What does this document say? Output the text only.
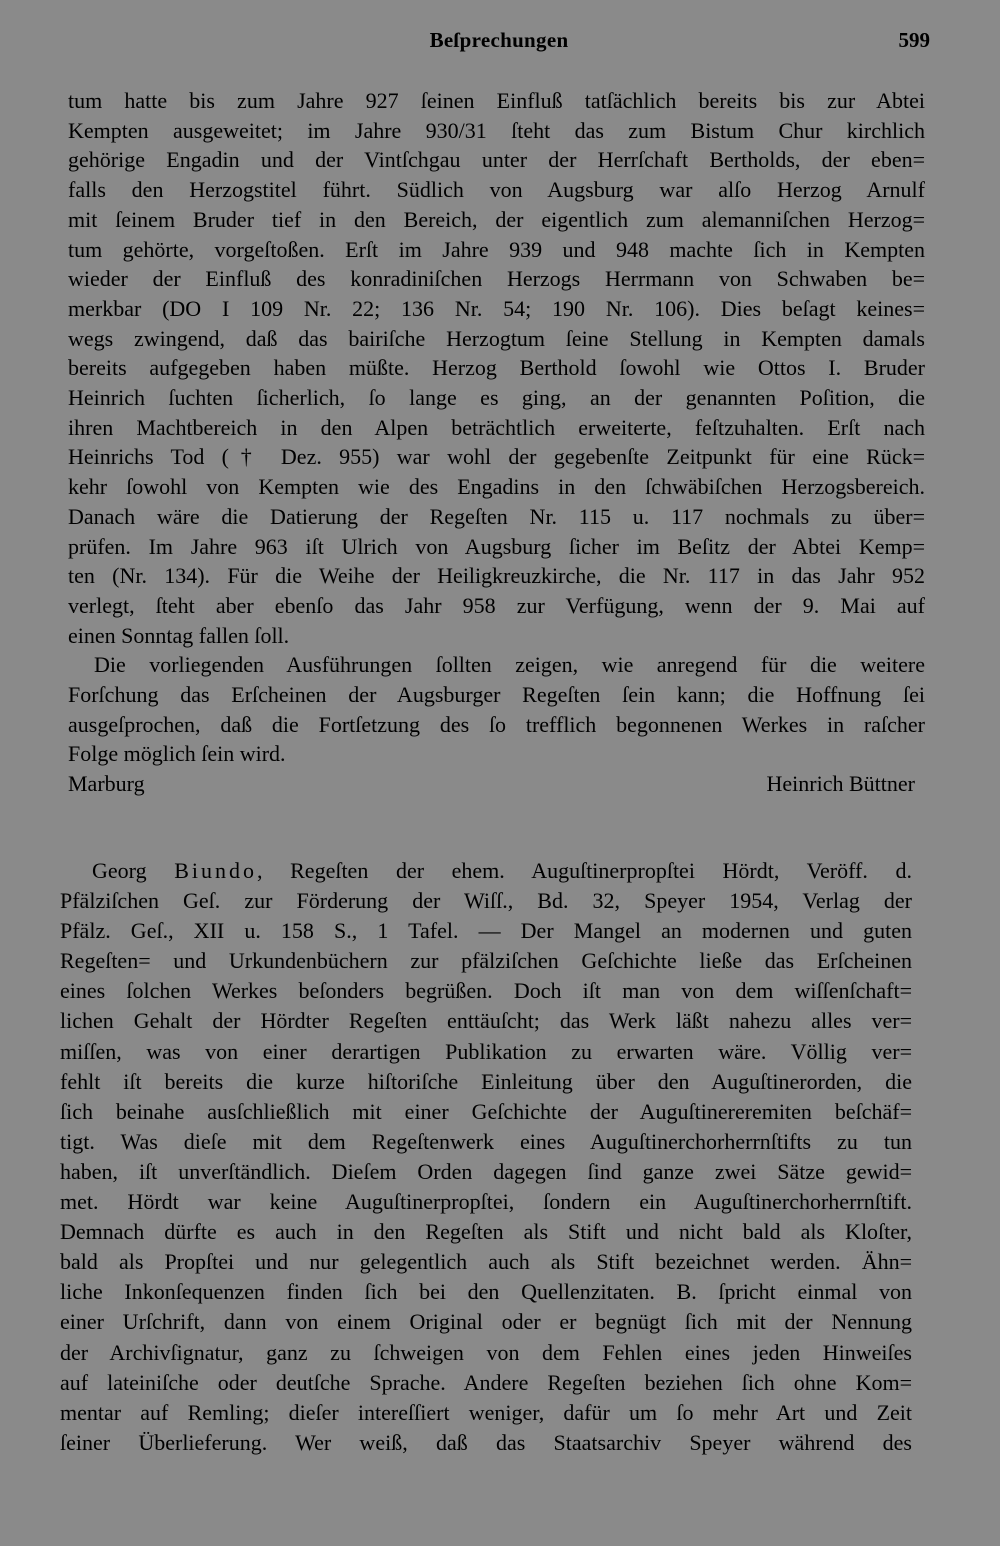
Beſprechungen	599
tum hatte bis zum Jahre 927 ſeinen Einfluß tatſächlich bereits bis zur Abtei
Kempten ausgeweitet; im Jahre 930/31 ſteht das zum Bistum Chur kirchlich
gehörige Engadin und der Vintſchgau unter der Herrſchaft Bertholds, der eben=
falls den Herzogstitel führt. Südlich von Augsburg war alſo Herzog Arnulf
mit ſeinem Bruder tief in den Bereich, der eigentlich zum alemanniſchen Herzog=
tum gehörte, vorgeſtoßen. Erſt im Jahre 939 und 948 machte ſich in Kempten
wieder der Einfluß des konradiniſchen Herzogs Herrmann von Schwaben be=
merkbar (DO I 109 Nr. 22; 136 Nr. 54; 190 Nr. 106). Dies beſagt keines=
wegs zwingend, daß das bairiſche Herzogtum ſeine Stellung in Kempten damals
bereits aufgegeben haben müßte. Herzog Berthold ſowohl wie Ottos I. Bruder
Heinrich ſuchten ſicherlich, ſo lange es ging, an der genannten Poſition, die
ihren Machtbereich in den Alpen beträchtlich erweiterte, feſtzuhalten. Erſt nach
Heinrichs Tod († Dez. 955) war wohl der gegebenſte Zeitpunkt für eine Rück=
kehr ſowohl von Kempten wie des Engadins in den ſchwäbiſchen Herzogsbereich.
Danach wäre die Datierung der Regeſten Nr. 115 u. 117 nochmals zu über=
prüfen. Im Jahre 963 iſt Ulrich von Augsburg ſicher im Beſitz der Abtei Kemp=
ten (Nr. 134). Für die Weihe der Heiligkreuzkirche, die Nr. 117 in das Jahr 952
verlegt, ſteht aber ebenſo das Jahr 958 zur Verfügung, wenn der 9. Mai auf
einen Sonntag fallen ſoll.
Die vorliegenden Ausführungen ſollten zeigen, wie anregend für die weitere
Forſchung das Erſcheinen der Augsburger Regeſten ſein kann; die Hoffnung ſei
ausgeſprochen, daß die Fortſetzung des ſo trefflich begonnenen Werkes in raſcher
Folge möglich ſein wird.
Marburg	Heinrich Büttner
Georg Biundo, Regeſten der ehem. Auguſtinerpropſtei Hördt, Veröff. d.
Pfälziſchen Geſ. zur Förderung der Wiſſ., Bd. 32, Speyer 1954, Verlag der
Pfälz. Geſ., XII u. 158 S., 1 Tafel. — Der Mangel an modernen und guten
Regeſten= und Urkundenbüchern zur pfälziſchen Geſchichte ließe das Erſcheinen
eines ſolchen Werkes beſonders begrüßen. Doch iſt man von dem wiſſenſchaft=
lichen Gehalt der Hördter Regeſten enttäuſcht; das Werk läßt nahezu alles ver=
miſſen, was von einer derartigen Publikation zu erwarten wäre. Völlig ver=
fehlt iſt bereits die kurze hiſtoriſche Einleitung über den Auguſtinerorden, die
ſich beinahe ausſchließlich mit einer Geſchichte der Auguſtinereremiten beſchäf=
tigt. Was dieſe mit dem Regeſtenwerk eines Auguſtinerchorherrnſtifts zu tun
haben, iſt unverſtändlich. Dieſem Orden dagegen ſind ganze zwei Sätze gewid=
met. Hördt war keine Auguſtinerpropſtei, ſondern ein Auguſtinerchorherrnſtift.
Demnach dürfte es auch in den Regeſten als Stift und nicht bald als Kloſter,
bald als Propſtei und nur gelegentlich auch als Stift bezeichnet werden. Ähn=
liche Inkonſequenzen finden ſich bei den Quellenzitaten. B. ſpricht einmal von
einer Urſchrift, dann von einem Original oder er begnügt ſich mit der Nennung
der Archivſignatur, ganz zu ſchweigen von dem Fehlen eines jeden Hinweiſes
auf lateiniſche oder deutſche Sprache. Andere Regeſten beziehen ſich ohne Kom=
mentar auf Remling; dieſer intereſſiert weniger, dafür um ſo mehr Art und Zeit
ſeiner Überlieferung. Wer weiß, daß das Staatsarchiv Speyer während des
